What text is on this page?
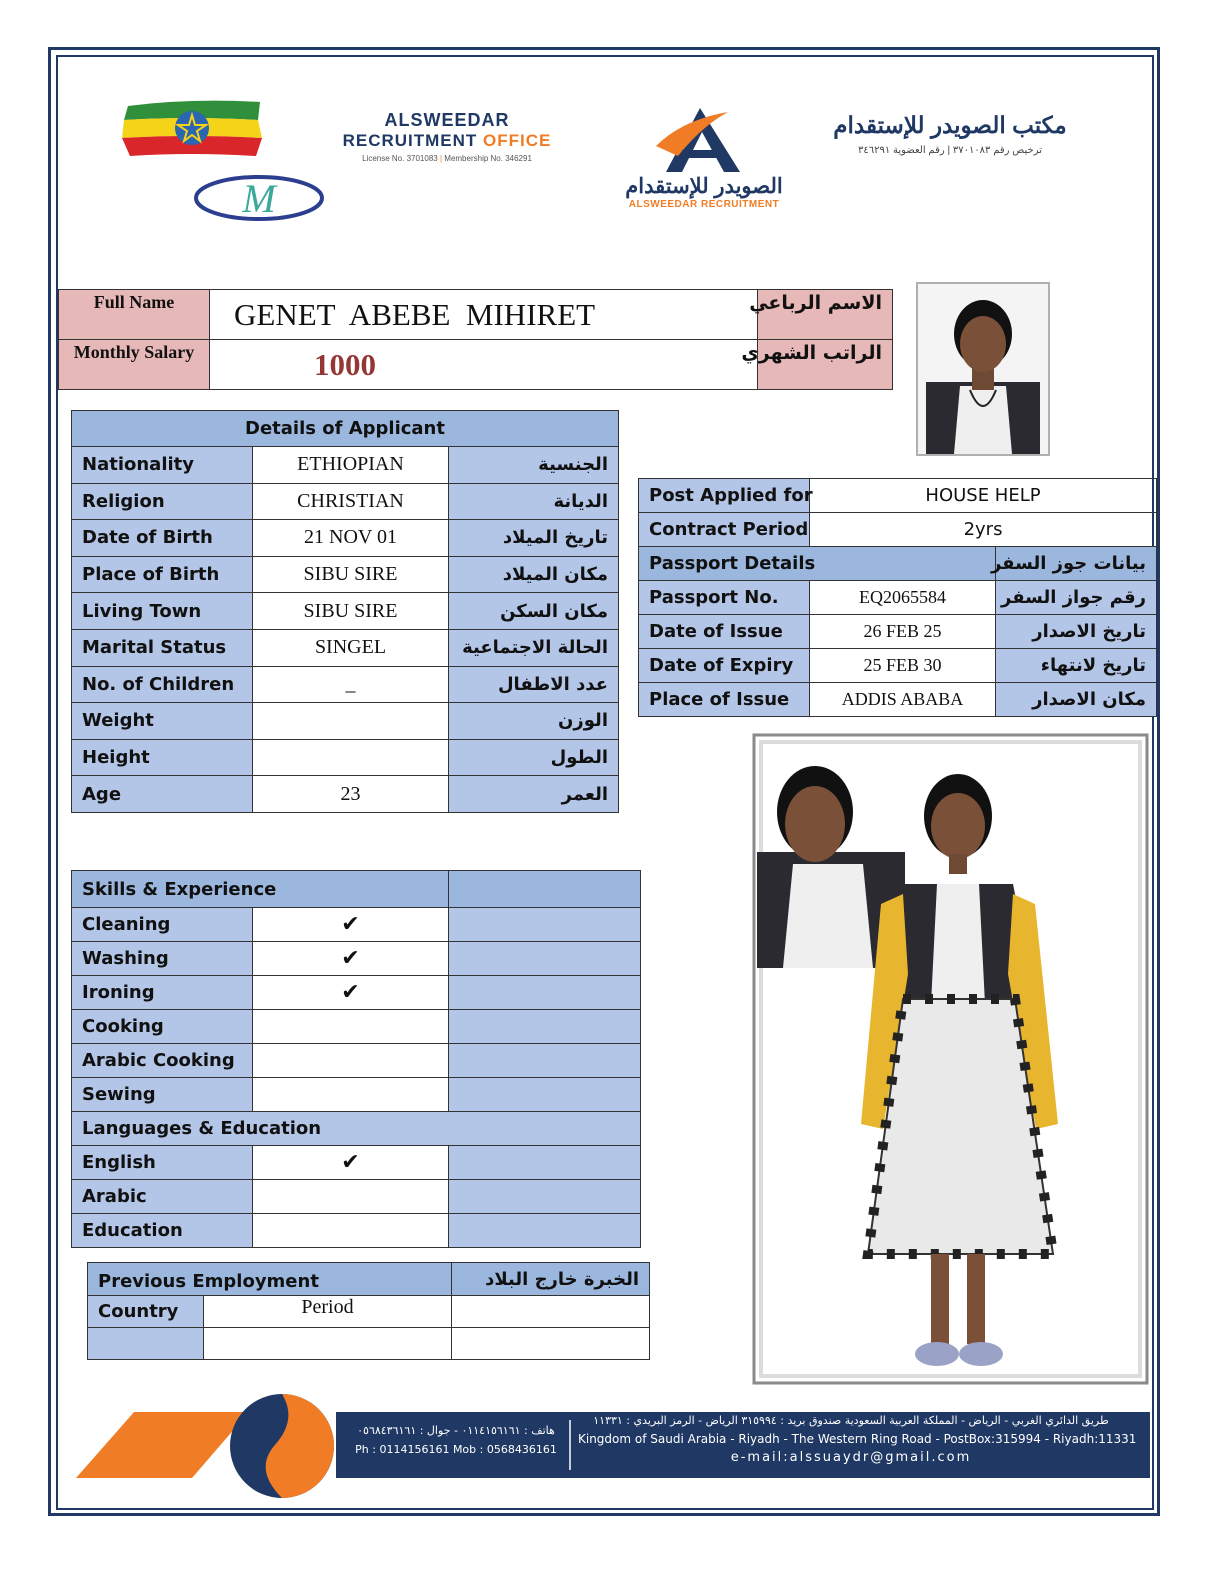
M
ALSWEEDAR
RECRUITMENT OFFICE
License No. 3701083 | Membership No. 346291
الصويدر للإستقدام
ALSWEEDAR RECRUITMENT
مكتب الصويدر للإستقدام
ترخيص رقم ٣٧٠١٠٨٣ | رقم العضوية ٣٤٦٢٩١
Full Name	GENET  ABEBE  MIHIRET	الاسم الرباعي
Monthly Salary	1000	الراتب الشهري
Details of Applicant		
Nationality	ETHIOPIAN	الجنسية
Religion	CHRISTIAN	الديانة
Date of Birth	21 NOV 01	تاريخ الميلاد
Place of Birth	SIBU SIRE	مكان الميلاد
Living Town	SIBU SIRE	مكان السكن
Marital Status	SINGEL	الحالة الاجتماعية
No. of Children	_	عدد الاطفال
Weight		الوزن
Height		الطول
Age	23	العمر
Post Applied for	HOUSE HELP	
Contract Period	2yrs	
Passport Details		بيانات جوز السفر
Passport No.	EQ2065584	رقم جواز السفر
Date of Issue	26 FEB 25	تاريخ الاصدار
Date of Expiry	25 FEB 30	تاريخ لانتهاء
Place of Issue	ADDIS ABABA	مكان الاصدار
Skills & Experience		
Cleaning	✔	
Washing	✔	
Ironing	✔	
Cooking		
Arabic Cooking		
Sewing		
Languages & Education		
English	✔	
Arabic		
Education		
Previous Employment		الخبرة خارج البلاد
Country	Period	

هاتف : ٠١١٤١٥٦١٦١ - جوال : ٠٥٦٨٤٣٦١٦١
Ph : 0114156161 Mob : 0568436161
طريق الدائري الغربي - الرياض - المملكة العربية السعودية صندوق بريد : ٣١٥٩٩٤ الرياض - الرمز البريدي : ١١٣٣١
Kingdom of Saudi Arabia - Riyadh - The Western Ring Road - PostBox:315994 - Riyadh:11331
e-mail:alssuaydr@gmail.com
